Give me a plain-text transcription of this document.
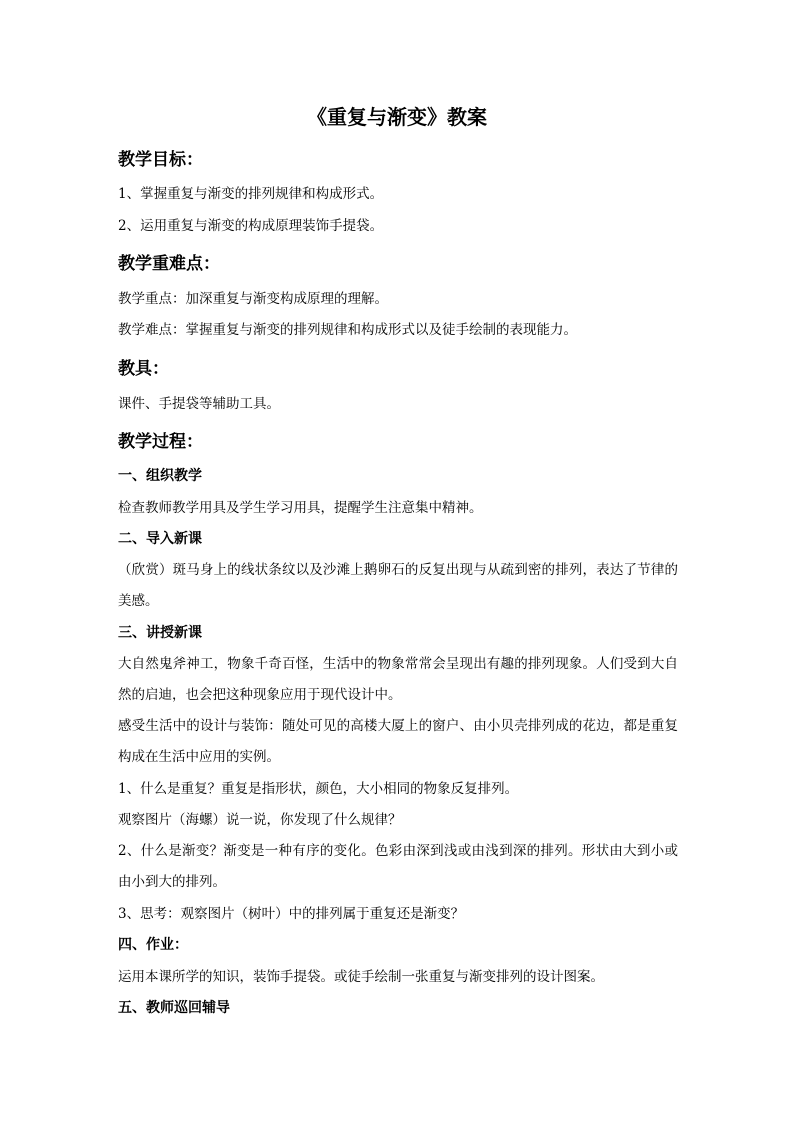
《重复与渐变》教案
教学目标：

1、掌握重复与渐变的排列规律和构成形式。

2、运用重复与渐变的构成原理装饰手提袋。

教学重难点：

教学重点：加深重复与渐变构成原理的理解。

教学难点：掌握重复与渐变的排列规律和构成形式以及徒手绘制的表现能力。

教具：

课件、手提袋等辅助工具。

教学过程：
一、组织教学

检查教师教学用具及学生学习用具，提醒学生注意集中精神。

二、导入新课

（欣赏）斑马身上的线状条纹以及沙滩上鹅卵石的反复出现与从疏到密的排列，表达了节律的美感。

三、讲授新课

大自然鬼斧神工，物象千奇百怪，生活中的物象常常会呈现出有趣的排列现象。人们受到大自然的启迪，也会把这种现象应用于现代设计中。

感受生活中的设计与装饰：随处可见的高楼大厦上的窗户、由小贝壳排列成的花边，都是重复构成在生活中应用的实例。

1、什么是重复？重复是指形状，颜色，大小相同的物象反复排列。

观察图片（海螺）说一说，你发现了什么规律？

2、什么是渐变？渐变是一种有序的变化。色彩由深到浅或由浅到深的排列。形状由大到小或由小到大的排列。

3、思考：观察图片（树叶）中的排列属于重复还是渐变？

四、作业：

运用本课所学的知识，装饰手提袋。或徒手绘制一张重复与渐变排列的设计图案。

五、教师巡回辅导
